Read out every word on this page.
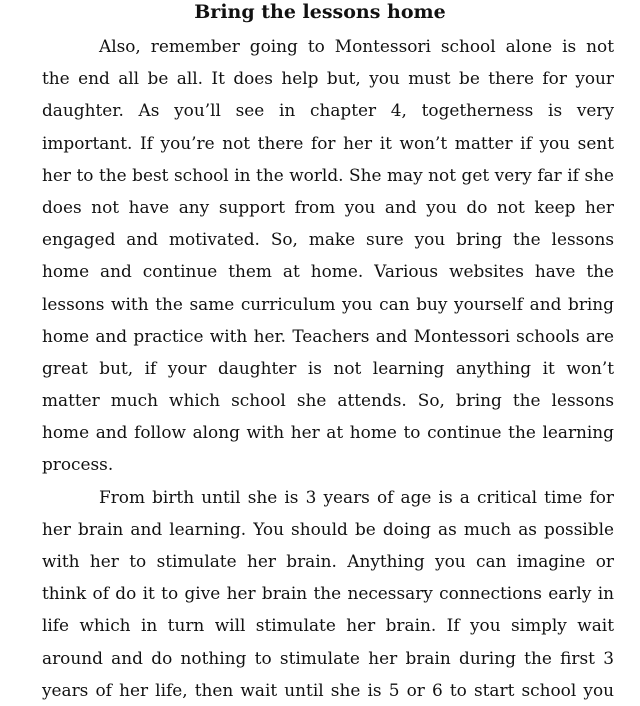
Bring the lessons home
Also, remember going to Montessori school alone is not
the end all be all. It does help but, you must be there for your
daughter. As you’ll see in chapter 4, togetherness is very
important. If you’re not there for her it won’t matter if you sent
her to the best school in the world. She may not get very far if she
does not have any support from you and you do not keep her
engaged and motivated. So, make sure you bring the lessons
home and continue them at home. Various websites have the
lessons with the same curriculum you can buy yourself and bring
home and practice with her. Teachers and Montessori schools are
great but, if your daughter is not learning anything it won’t
matter much which school she attends. So, bring the lessons
home and follow along with her at home to continue the learning
process.
From birth until she is 3 years of age is a critical time for
her brain and learning. You should be doing as much as possible
with her to stimulate her brain. Anything you can imagine or
think of do it to give her brain the necessary connections early in
life which in turn will stimulate her brain. If you simply wait
around and do nothing to stimulate her brain during the first 3
years of her life, then wait until she is 5 or 6 to start school you
